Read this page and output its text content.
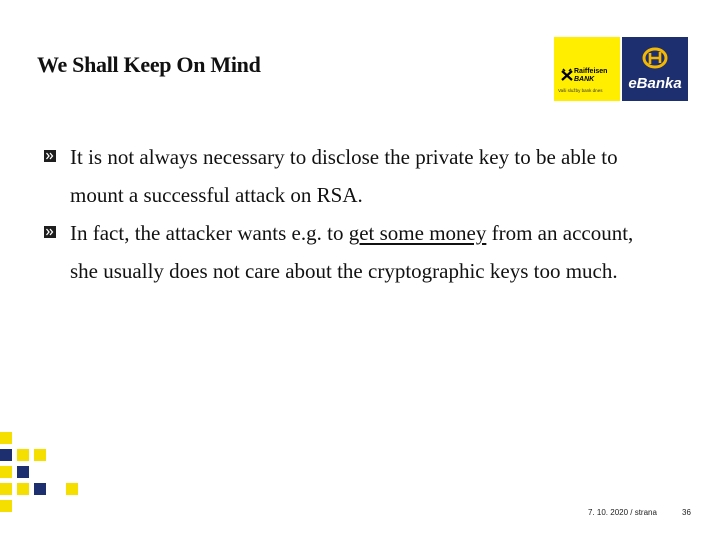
We Shall Keep On Mind	Raiffeisen
BANK
Vaši služby bank dnes	eBanka
It is not always necessary to disclose the private key to be able to mount a successful attack on RSA.
In fact, the attacker wants e.g. to get some money from an account, she usually does not care about the cryptographic keys too much.
7. 10. 2020 / strana	36
